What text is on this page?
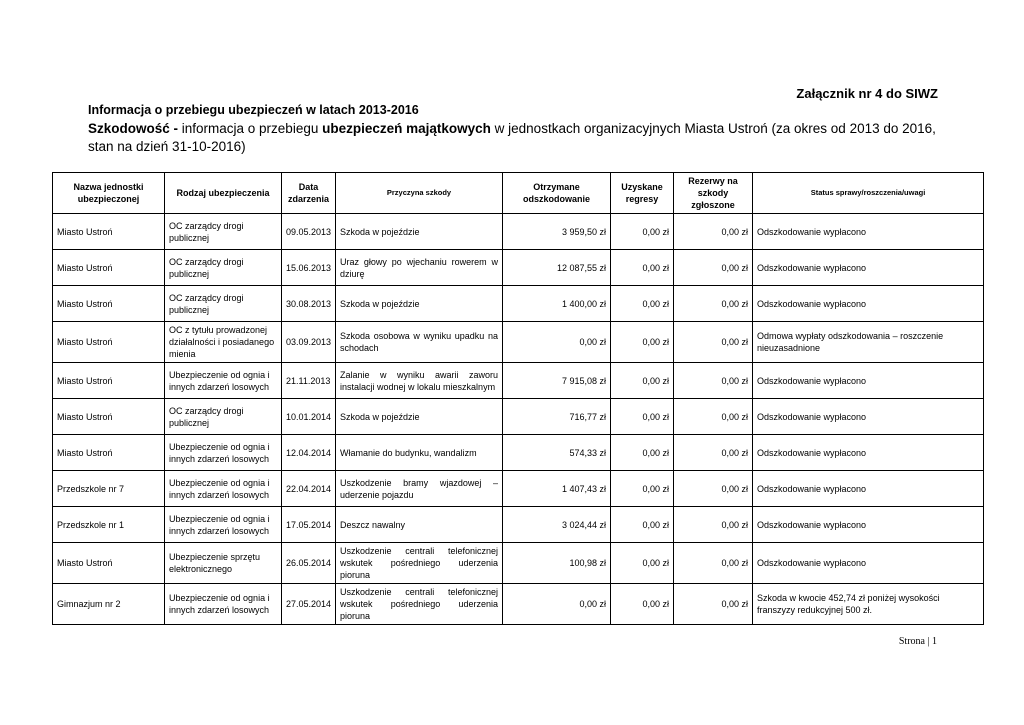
Załącznik nr 4 do SIWZ
Informacja o przebiegu ubezpieczeń w latach 2013-2016
Szkodowość - informacja o przebiegu ubezpieczeń majątkowych w jednostkach organizacyjnych Miasta Ustroń (za okres od 2013 do 2016, stan na dzień 31-10-2016)
Nazwa jednostki ubezpieczonej	Rodzaj ubezpieczenia	Data zdarzenia	Przyczyna szkody	Otrzymane odszkodowanie	Uzyskane regresy	Rezerwy na szkody zgłoszone	Status sprawy/roszczenia/uwagi
Miasto Ustroń	OC zarządcy drogi publicznej	09.05.2013	Szkoda w pojeździe	3 959,50 zł	0,00 zł	0,00 zł	Odszkodowanie wypłacono
Miasto Ustroń	OC zarządcy drogi publicznej	15.06.2013	Uraz głowy po wjechaniu rowerem w dziurę	12 087,55 zł	0,00 zł	0,00 zł	Odszkodowanie wypłacono
Miasto Ustroń	OC zarządcy drogi publicznej	30.08.2013	Szkoda w pojeździe	1 400,00 zł	0,00 zł	0,00 zł	Odszkodowanie wypłacono
Miasto Ustroń	OC z tytułu prowadzonej działalności i posiadanego mienia	03.09.2013	Szkoda osobowa w wyniku upadku na schodach	0,00 zł	0,00 zł	0,00 zł	Odmowa wypłaty odszkodowania – roszczenie nieuzasadnione
Miasto Ustroń	Ubezpieczenie od ognia i innych zdarzeń losowych	21.11.2013	Zalanie w wyniku awarii zaworu instalacji wodnej w lokalu mieszkalnym	7 915,08 zł	0,00 zł	0,00 zł	Odszkodowanie wypłacono
Miasto Ustroń	OC zarządcy drogi publicznej	10.01.2014	Szkoda w pojeździe	716,77 zł	0,00 zł	0,00 zł	Odszkodowanie wypłacono
Miasto Ustroń	Ubezpieczenie od ognia i innych zdarzeń losowych	12.04.2014	Włamanie do budynku, wandalizm	574,33 zł	0,00 zł	0,00 zł	Odszkodowanie wypłacono
Przedszkole nr 7	Ubezpieczenie od ognia i innych zdarzeń losowych	22.04.2014	Uszkodzenie bramy wjazdowej – uderzenie pojazdu	1 407,43 zł	0,00 zł	0,00 zł	Odszkodowanie wypłacono
Przedszkole nr 1	Ubezpieczenie od ognia i innych zdarzeń losowych	17.05.2014	Deszcz nawalny	3 024,44 zł	0,00 zł	0,00 zł	Odszkodowanie wypłacono
Miasto Ustroń	Ubezpieczenie sprzętu elektronicznego	26.05.2014	Uszkodzenie centrali telefonicznej wskutek pośredniego uderzenia pioruna	100,98 zł	0,00 zł	0,00 zł	Odszkodowanie wypłacono
Gimnazjum nr 2	Ubezpieczenie od ognia i innych zdarzeń losowych	27.05.2014	Uszkodzenie centrali telefonicznej wskutek pośredniego uderzenia pioruna	0,00 zł	0,00 zł	0,00 zł	Szkoda w kwocie 452,74 zł poniżej wysokości franszyzy redukcyjnej 500 zł.
Strona | 1
